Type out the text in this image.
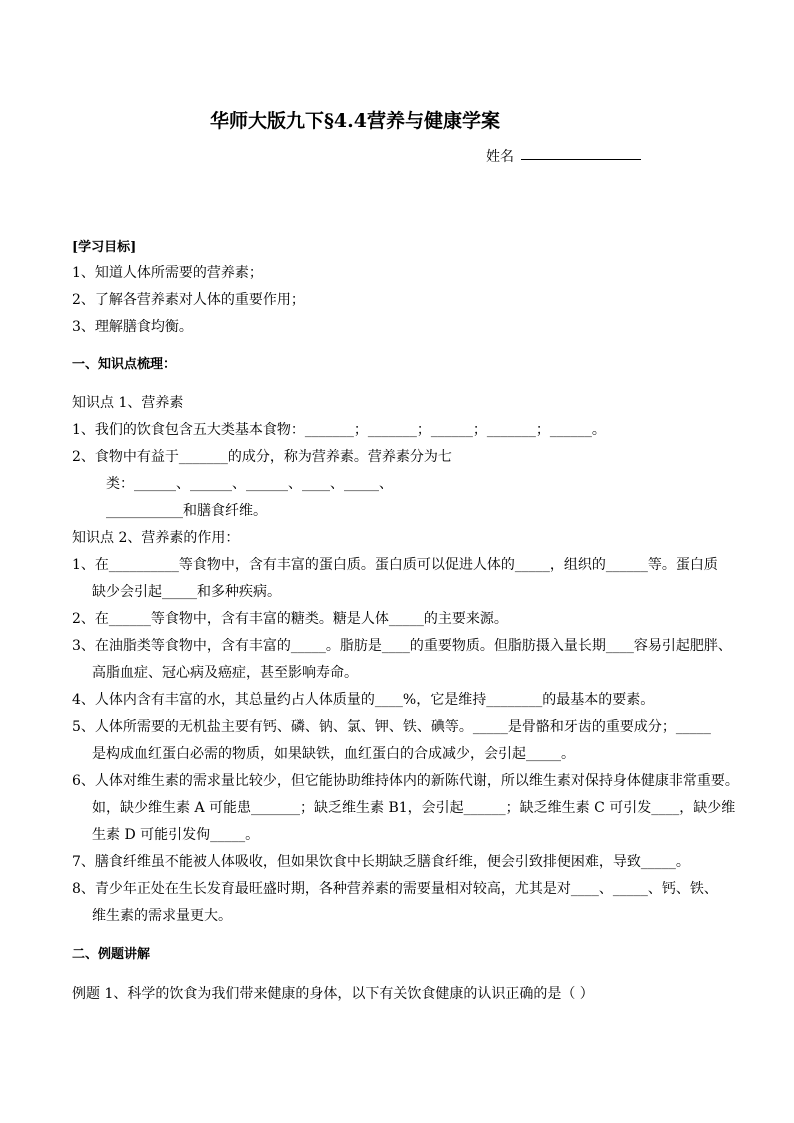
华师大版九下§4.4营养与健康学案
姓名
[学习目标]
1、知道人体所需要的营养素；
2、了解各营养素对人体的重要作用；
3、理解膳食均衡。
一、知识点梳理：
知识点 1、营养素
1、我们的饮食包含五大类基本食物：_______；_______；______；_______；______。
2、食物中有益于_______的成分，称为营养素。营养素分为七
类：______、______、______、____、_____、
___________和膳食纤维。
知识点 2、营养素的作用：
1、在__________等食物中，含有丰富的蛋白质。蛋白质可以促进人体的_____，组织的______等。蛋白质
缺少会引起_____和多种疾病。
2、在______等食物中，含有丰富的糖类。糖是人体_____的主要来源。
3、在油脂类等食物中，含有丰富的_____。脂肪是____的重要物质。但脂肪摄入量长期____容易引起肥胖、
高脂血症、冠心病及癌症，甚至影响寿命。
4、人体内含有丰富的水，其总量约占人体质量的____%，它是维持________的最基本的要素。
5、人体所需要的无机盐主要有钙、磷、钠、氯、钾、铁、碘等。_____是骨骼和牙齿的重要成分；_____
是构成血红蛋白必需的物质，如果缺铁，血红蛋白的合成减少，会引起_____。
6、人体对维生素的需求量比较少，但它能协助维持体内的新陈代谢，所以维生素对保持身体健康非常重要。
如，缺少维生素 A 可能患_______；缺乏维生素 B1，会引起______；缺乏维生素 C 可引发____，缺少维
生素 D 可能引发佝_____。
7、膳食纤维虽不能被人体吸收，但如果饮食中长期缺乏膳食纤维，便会引致排便困难，导致_____。
8、青少年正处在生长发育最旺盛时期，各种营养素的需要量相对较高，尤其是对____、_____、钙、铁、
维生素的需求量更大。
二、例题讲解
例题 1、科学的饮食为我们带来健康的身体，以下有关饮食健康的认识正确的是（ ）
